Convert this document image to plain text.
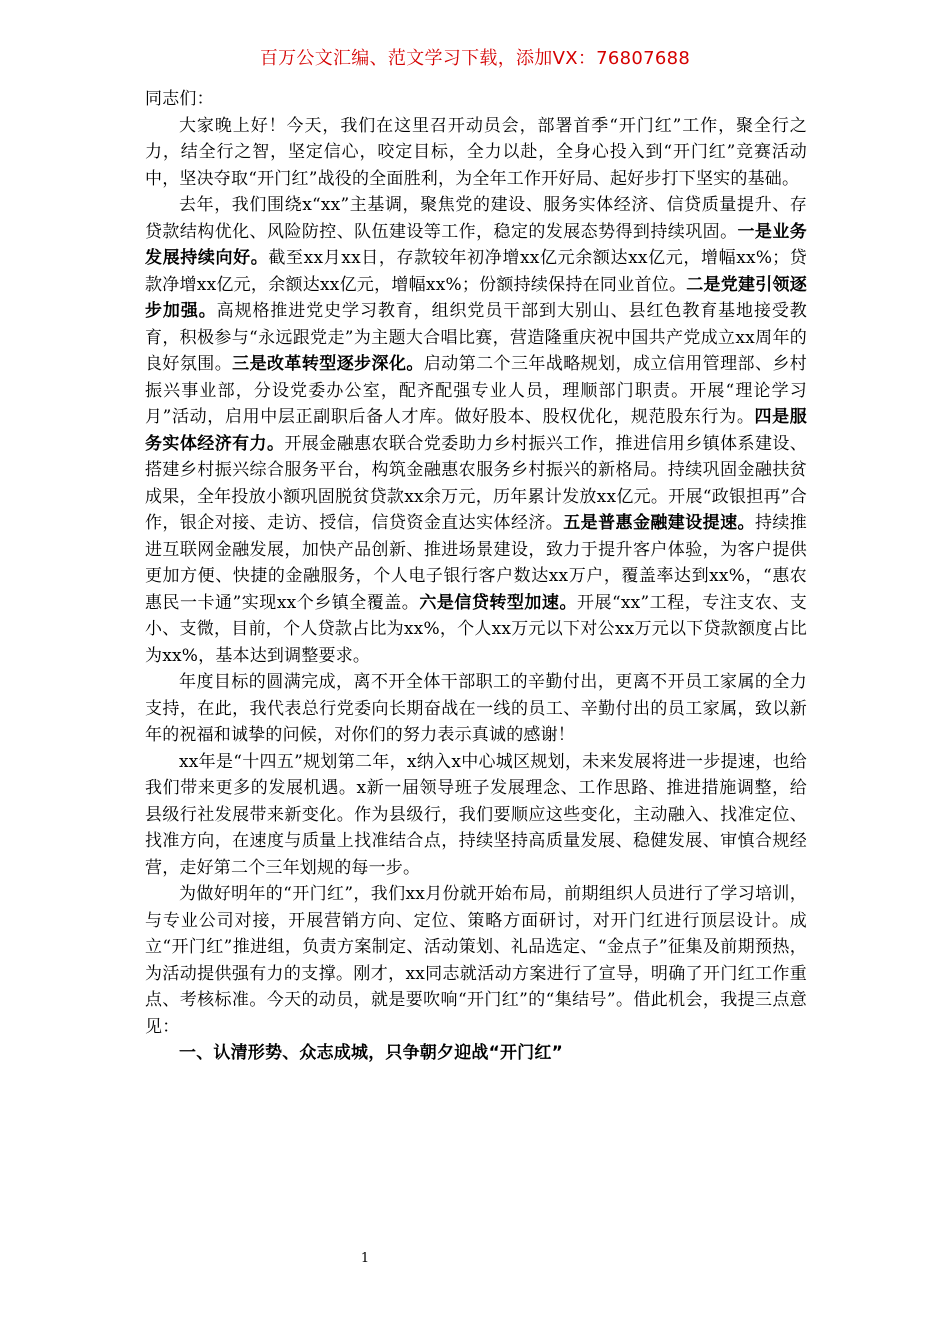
百万公文汇编、范文学习下载，添加VX：76807688

同志们：

大家晚上好！今天，我们在这里召开动员会，部署首季“开门红”工作，聚全行之力，结全行之智，坚定信心，咬定目标，全力以赴，全身心投入到“开门红”竞赛活动中，坚决夺取“开门红”战役的全面胜利，为全年工作开好局、起好步打下坚实的基础。

去年，我们围绕x“xx”主基调，聚焦党的建设、服务实体经济、信贷质量提升、存贷款结构优化、风险防控、队伍建设等工作，稳定的发展态势得到持续巩固。一是业务发展持续向好。截至xx月xx日，存款较年初净增xx亿元余额达xx亿元，增幅xx%；贷款净增xx亿元，余额达xx亿元，增幅xx%；份额持续保持在同业首位。二是党建引领逐步加强。高规格推进党史学习教育，组织党员干部到大别山、县红色教育基地接受教育，积极参与“永远跟党走”为主题大合唱比赛，营造隆重庆祝中国共产党成立xx周年的良好氛围。三是改革转型逐步深化。启动第二个三年战略规划，成立信用管理部、乡村振兴事业部，分设党委办公室，配齐配强专业人员，理顺部门职责。开展“理论学习月”活动，启用中层正副职后备人才库。做好股本、股权优化，规范股东行为。四是服务实体经济有力。开展金融惠农联合党委助力乡村振兴工作，推进信用乡镇体系建设、搭建乡村振兴综合服务平台，构筑金融惠农服务乡村振兴的新格局。持续巩固金融扶贫成果，全年投放小额巩固脱贫贷款xx余万元，历年累计发放xx亿元。开展“政银担再”合作，银企对接、走访、授信，信贷资金直达实体经济。五是普惠金融建设提速。持续推进互联网金融发展，加快产品创新、推进场景建设，致力于提升客户体验，为客户提供更加方便、快捷的金融服务，个人电子银行客户数达xx万户，覆盖率达到xx%，“惠农惠民一卡通”实现xx个乡镇全覆盖。六是信贷转型加速。开展“xx”工程，专注支农、支小、支微，目前，个人贷款占比为xx%，个人xx万元以下对公xx万元以下贷款额度占比为xx%，基本达到调整要求。

年度目标的圆满完成，离不开全体干部职工的辛勤付出，更离不开员工家属的全力支持，在此，我代表总行党委向长期奋战在一线的员工、辛勤付出的员工家属，致以新年的祝福和诚挚的问候，对你们的努力表示真诚的感谢！

xx年是“十四五”规划第二年，x纳入x中心城区规划，未来发展将进一步提速，也给我们带来更多的发展机遇。x新一届领导班子发展理念、工作思路、推进措施调整，给县级行社发展带来新变化。作为县级行，我们要顺应这些变化，主动融入、找准定位、找准方向，在速度与质量上找准结合点，持续坚持高质量发展、稳健发展、审慎合规经营，走好第二个三年划规的每一步。

为做好明年的“开门红”，我们xx月份就开始布局，前期组织人员进行了学习培训，与专业公司对接，开展营销方向、定位、策略方面研讨，对开门红进行顶层设计。成立“开门红”推进组，负责方案制定、活动策划、礼品选定、“金点子”征集及前期预热，为活动提供强有力的支撑。刚才，xx同志就活动方案进行了宣导，明确了开门红工作重点、考核标准。今天的动员，就是要吹响“开门红”的“集结号”。借此机会，我提三点意见：

一、认清形势、众志成城，只争朝夕迎战“开门红”

1
